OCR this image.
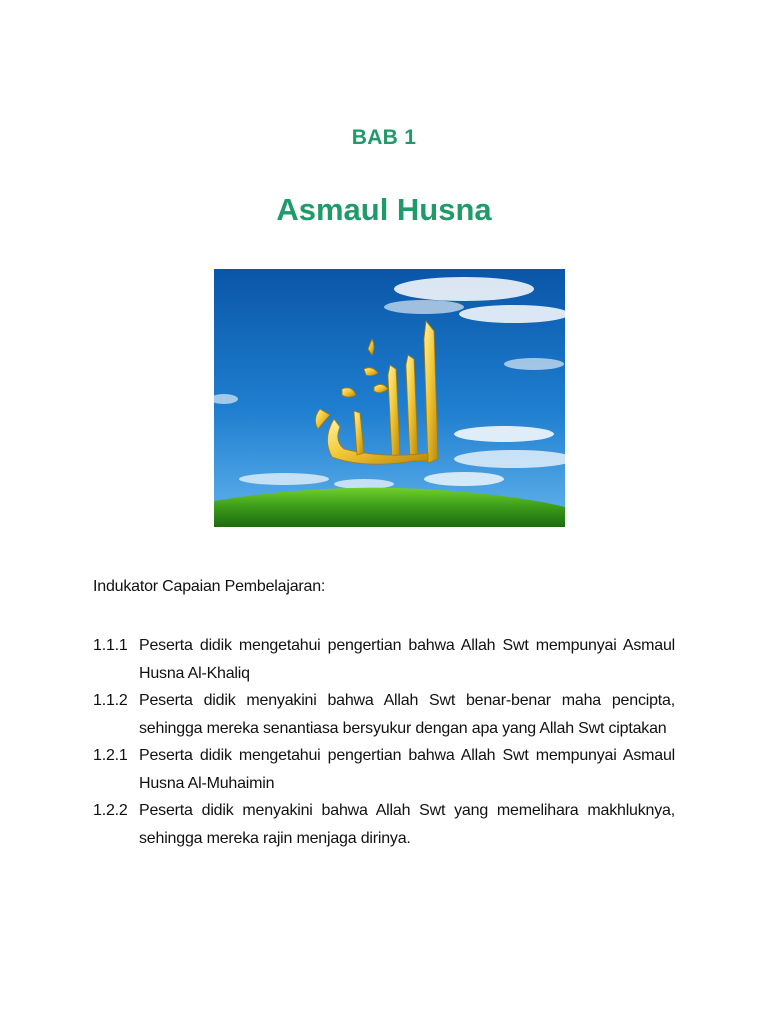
BAB 1
Asmaul Husna
Indukator Capaian Pembelajaran:
1.1.1 Peserta didik mengetahui pengertian bahwa Allah Swt mempunyai Asmaul Husna Al-Khaliq
1.1.2 Peserta didik menyakini bahwa Allah Swt benar-benar maha pencipta, sehingga mereka senantiasa bersyukur dengan apa yang Allah Swt ciptakan
1.2.1 Peserta didik mengetahui pengertian bahwa Allah Swt mempunyai Asmaul Husna Al-Muhaimin
1.2.2 Peserta didik menyakini bahwa Allah Swt yang memelihara makhluknya, sehingga mereka rajin menjaga dirinya.
